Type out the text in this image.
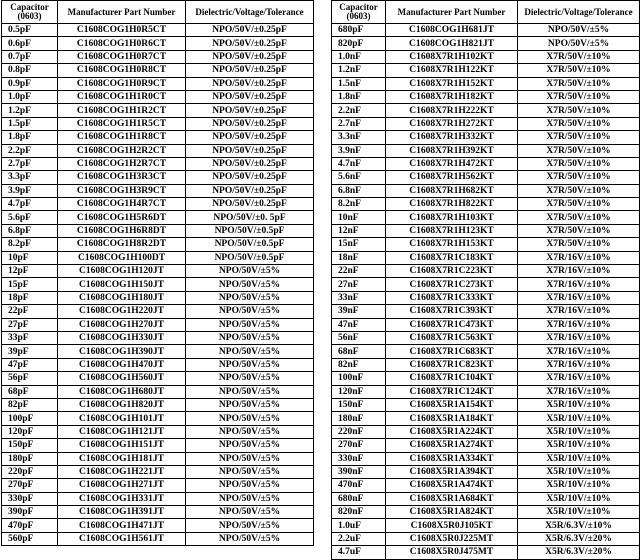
Capacitor
(0603)	Manufacturer Part Number	Dielectric/Voltage/Tolerance
0.5pF	C1608COG1H0R5CT	NPO/50V/±0.25pF
0.6pF	C1608COG1H0R6CT	NPO/50V/±0.25pF
0.7pF	C1608COG1H0R7CT	NPO/50V/±0.25pF
0.8pF	C1608COG1H0R8CT	NPO/50V/±0.25pF
0.9pF	C1608COG1H0R9CT	NPO/50V/±0.25pF
1.0pF	C1608COG1H1R0CT	NPO/50V/±0.25pF
1.2pF	C1608COG1H1R2CT	NPO/50V/±0.25pF
1.5pF	C1608COG1H1R5CT	NPO/50V/±0.25pF
1.8pF	C1608COG1H1R8CT	NPO/50V/±0.25pF
2.2pF	C1608COG1H2R2CT	NPO/50V/±0.25pF
2.7pF	C1608COG1H2R7CT	NPO/50V/±0.25pF
3.3pF	C1608COG1H3R3CT	NPO/50V/±0.25pF
3.9pF	C1608COG1H3R9CT	NPO/50V/±0.25pF
4.7pF	C1608COG1H4R7CT	NPO/50V/±0.25pF
5.6pF	C1608COG1H5R6DT	NPO/50V/±0. 5pF
6.8pF	C1608COG1H6R8DT	NPO/50V/±0.5pF
8.2pF	C1608COG1H8R2DT	NPO/50V/±0.5pF
10pF	C1608COG1H100DT	NPO/50V/±0.5pF
12pF	C1608COG1H120JT	NPO/50V/±5%
15pF	C1608COG1H150JT	NPO/50V/±5%
18pF	C1608COG1H180JT	NPO/50V/±5%
22pF	C1608COG1H220JT	NPO/50V/±5%
27pF	C1608COG1H270JT	NPO/50V/±5%
33pF	C1608COG1H330JT	NPO/50V/±5%
39pF	C1608COG1H390JT	NPO/50V/±5%
47pF	C1608COG1H470JT	NPO/50V/±5%
56pF	C1608COG1H560JT	NPO/50V/±5%
68pF	C1608COG1H680JT	NPO/50V/±5%
82pF	C1608COG1H820JT	NPO/50V/±5%
100pF	C1608COG1H101JT	NPO/50V/±5%
120pF	C1608COG1H121JT	NPO/50V/±5%
150pF	C1608COG1H151JT	NPO/50V/±5%
180pF	C1608COG1H181JT	NPO/50V/±5%
220pF	C1608COG1H221JT	NPO/50V/±5%
270pF	C1608COG1H271JT	NPO/50V/±5%
330pF	C1608COG1H331JT	NPO/50V/±5%
390pF	C1608COG1H391JT	NPO/50V/±5%
470pF	C1608COG1H471JT	NPO/50V/±5%
560pF	C1608COG1H561JT	NPO/50V/±5%
Capacitor
(0603)	Manufacturer Part Number	Dielectric/Voltage/Tolerance
680pF	C1608COG1H681JT	NPO/50V/±5%
820pF	C1608COG1H821JT	NPO/50V/±5%
1.0nF	C1608X7R1H102KT	X7R/50V/±10%
1.2nF	C1608X7R1H122KT	X7R/50V/±10%
1.5nF	C1608X7R1H152KT	X7R/50V/±10%
1.8nF	C1608X7R1H182KT	X7R/50V/±10%
2.2nF	C1608X7R1H222KT	X7R/50V/±10%
2.7nF	C1608X7R1H272KT	X7R/50V/±10%
3.3nF	C1608X7R1H332KT	X7R/50V/±10%
3.9nF	C1608X7R1H392KT	X7R/50V/±10%
4.7nF	C1608X7R1H472KT	X7R/50V/±10%
5.6nF	C1608X7R1H562KT	X7R/50V/±10%
6.8nF	C1608X7R1H682KT	X7R/50V/±10%
8.2nF	C1608X7R1H822KT	X7R/50V/±10%
10nF	C1608X7R1H103KT	X7R/50V/±10%
12nF	C1608X7R1H123KT	X7R/50V/±10%
15nF	C1608X7R1H153KT	X7R/50V/±10%
18nF	C1608X7R1C183KT	X7R/16V/±10%
22nF	C1608X7R1C223KT	X7R/16V/±10%
27nF	C1608X7R1C273KT	X7R/16V/±10%
33nF	C1608X7R1C333KT	X7R/16V/±10%
39nF	C1608X7R1C393KT	X7R/16V/±10%
47nF	C1608X7R1C473KT	X7R/16V/±10%
56nF	C1608X7R1C563KT	X7R/16V/±10%
68nF	C1608X7R1C683KT	X7R/16V/±10%
82nF	C1608X7R1C823KT	X7R/16V/±10%
100nF	C1608X7R1C104KT	X7R/16V/±10%
120nF	C1608X7R1C124KT	X7R/16V/±10%
150nF	C1608X5R1A154KT	X5R/10V/±10%
180nF	C1608X5R1A184KT	X5R/10V/±10%
220nF	C1608X5R1A224KT	X5R/10V/±10%
270nF	C1608X5R1A274KT	X5R/10V/±10%
330nF	C1608X5R1A334KT	X5R/10V/±10%
390nF	C1608X5R1A394KT	X5R/10V/±10%
470nF	C1608X5R1A474KT	X5R/10V/±10%
680nF	C1608X5R1A684KT	X5R/10V/±10%
820nF	C1608X5R1A824KT	X5R/10V/±10%
1.0uF	C1608X5R0J105KT	X5R/6.3V/±10%
2.2uF	C1608X5R0J225MT	X5R/6.3V/±20%
4.7uF	C1608X5R0J475MT	X5R/6.3V/±20%
